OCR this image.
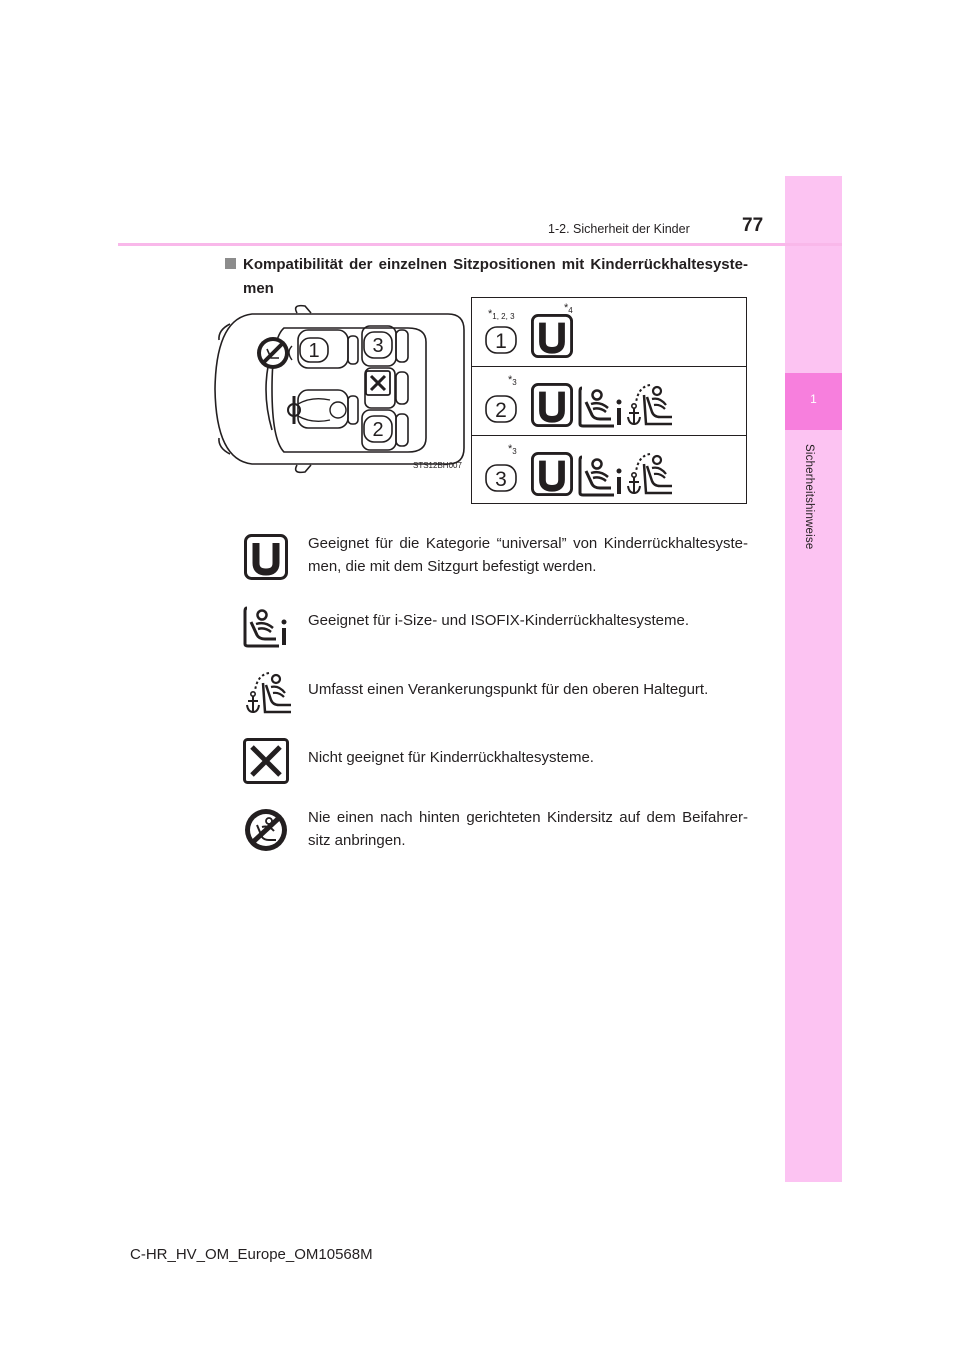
1
Sicherheitshinweise
1-2. Sicherheit der Kinder	77
Kompatibilität der einzelnen Sitzpositionen mit Kinderrückhaltesyste-men
1	3
2
STS12BH007
1
$*_{1, 2, 3}$
$*_4$
2
$*_3$
3
$*_3$
Geeignet für die Kategorie “universal” von Kinderrückhaltesyste-men, die mit dem Sitzgurt befestigt werden.
Geeignet für i-Size- und ISOFIX-Kinderrückhaltesysteme.
Umfasst einen Verankerungspunkt für den oberen Haltegurt.
Nicht geeignet für Kinderrückhaltesysteme.
Nie einen nach hinten gerichteten Kindersitz auf dem Beifahrer-sitz anbringen.
C-HR_HV_OM_Europe_OM10568M
